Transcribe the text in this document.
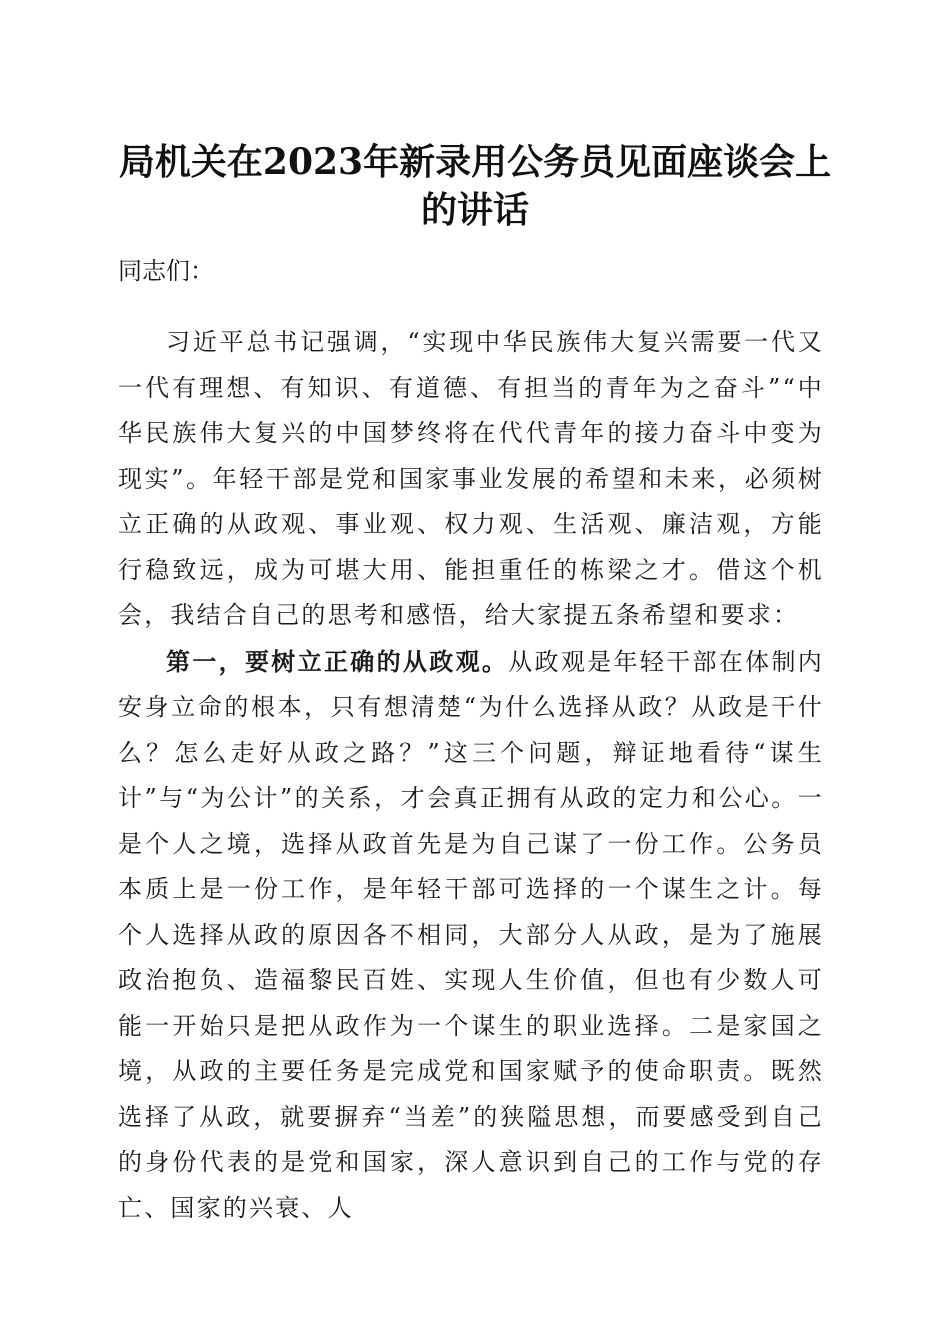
局机关在2023年新录用公务员见面座谈会上的讲话
同志们：

习近平总书记强调，“实现中华民族伟大复兴需要一代又一代有理想、有知识、有道德、有担当的青年为之奋斗”“中华民族伟大复兴的中国梦终将在代代青年的接力奋斗中变为现实”。年轻干部是党和国家事业发展的希望和未来，必须树立正确的从政观、事业观、权力观、生活观、廉洁观，方能行稳致远，成为可堪大用、能担重任的栋梁之才。借这个机会，我结合自己的思考和感悟，给大家提五条希望和要求：

第一，要树立正确的从政观。从政观是年轻干部在体制内安身立命的根本，只有想清楚“为什么选择从政？从政是干什么？怎么走好从政之路？”这三个问题，辩证地看待“谋生计”与“为公计”的关系，才会真正拥有从政的定力和公心。一是个人之境，选择从政首先是为自己谋了一份工作。公务员本质上是一份工作，是年轻干部可选择的一个谋生之计。每个人选择从政的原因各不相同，大部分人从政，是为了施展政治抱负、造福黎民百姓、实现人生价值，但也有少数人可能一开始只是把从政作为一个谋生的职业选择。二是家国之境，从政的主要任务是完成党和国家赋予的使命职责。既然选择了从政，就要摒弃“当差”的狭隘思想，而要感受到自己的身份代表的是党和国家，深人意识到自己的工作与党的存亡、国家的兴衰、人
